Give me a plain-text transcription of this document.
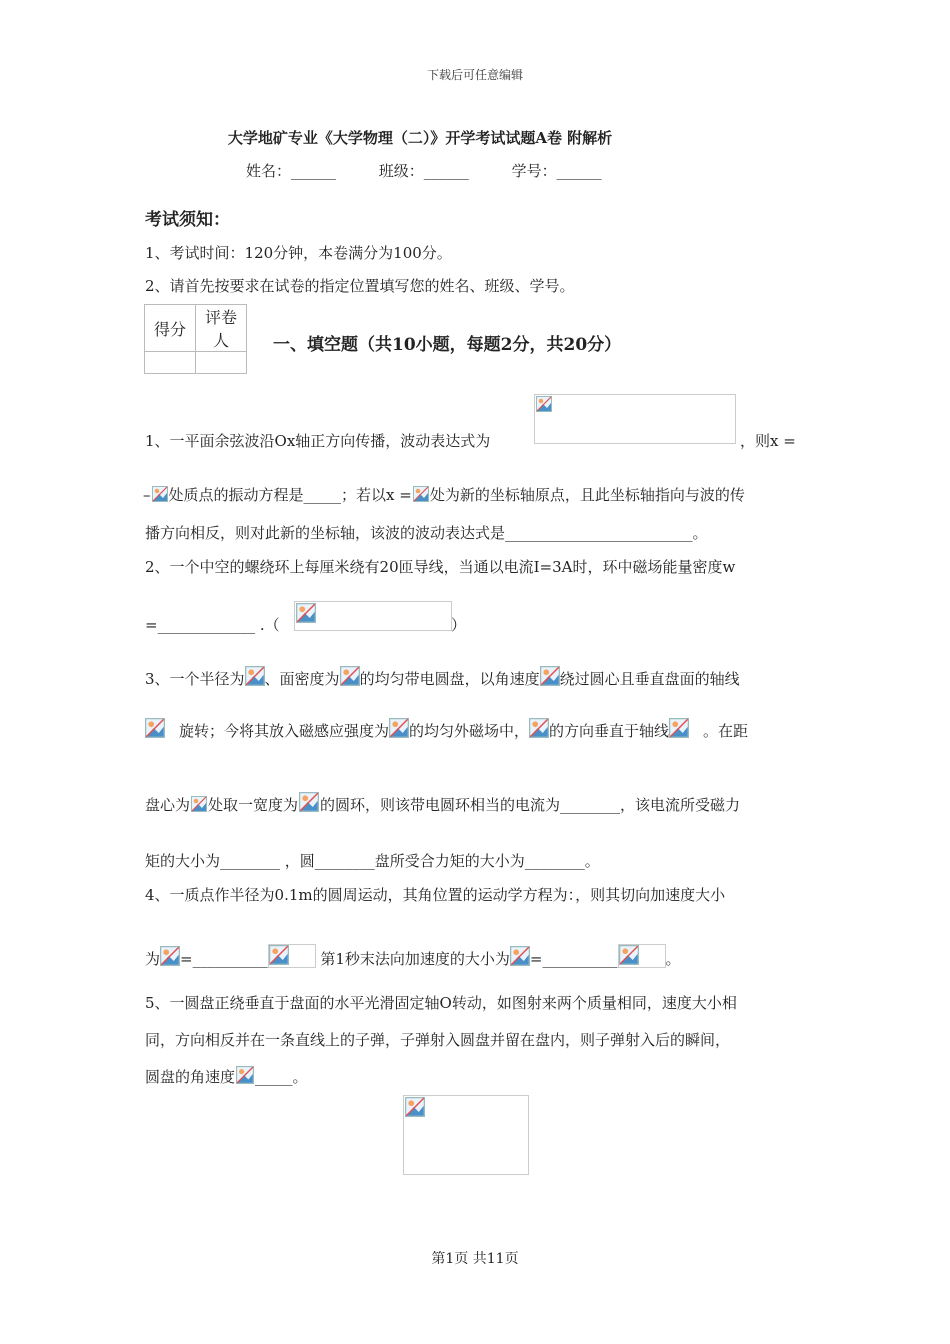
下载后可任意编辑
大学地矿专业《大学物理（二）》开学考试试题A卷 附解析
姓名：______	班级：______	学号：______
考试须知：
1、考试时间：120分钟，本卷满分为100分。
2、请首先按要求在试卷的指定位置填写您的姓名、班级、学号。
得分	评卷人
		一、填空题（共10小题，每题2分，共20分）
1、一平面余弦波沿Ox轴正方向传播，波动表达式为	，则x =
– 处质点的振动方程是_____；若以x = 处为新的坐标轴原点，且此坐标轴指向与波的传
播方向相反，则对此新的坐标轴，该波的波动表达式是_________________________。
2、一个中空的螺绕环上每厘米绕有20匝导线，当通以电流I=3A时，环中磁场能量密度w
=_____________ .（	）
3、一个半径为 、面密度为 的均匀带电圆盘，以角速度 绕过圆心且垂直盘面的轴线
旋转；今将其放入磁感应强度为 的均匀外磁场中， 的方向垂直于轴线 。在距
盘心为 处取一宽度为 的圆环，则该带电圆环相当的电流为________，该电流所受磁力
矩的大小为________ ，圆________盘所受合力矩的大小为________。
4、一质点作半径为0.1m的圆周运动，其角位置的运动学方程为：，则其切向加速度大小
为 =__________	第1秒末法向加速度的大小为 =__________	。
5、一圆盘正绕垂直于盘面的水平光滑固定轴O转动，如图射来两个质量相同，速度大小相
同，方向相反并在一条直线上的子弹，子弹射入圆盘并留在盘内，则子弹射入后的瞬间，
圆盘的角速度 _____。
第1页 共11页
